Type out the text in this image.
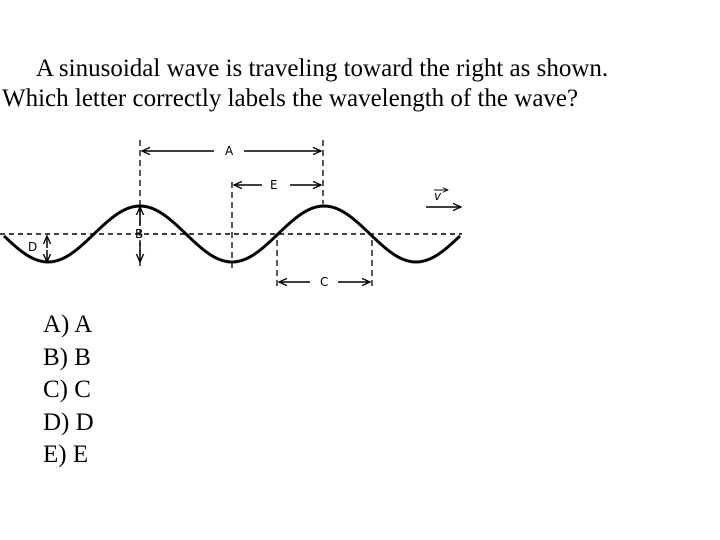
A sinusoidal wave is traveling toward the right as shown.
Which letter correctly labels the wavelength of the wave?
A
E
C
B
D
v
A) A
B) B
C) C
D) D
E) E
